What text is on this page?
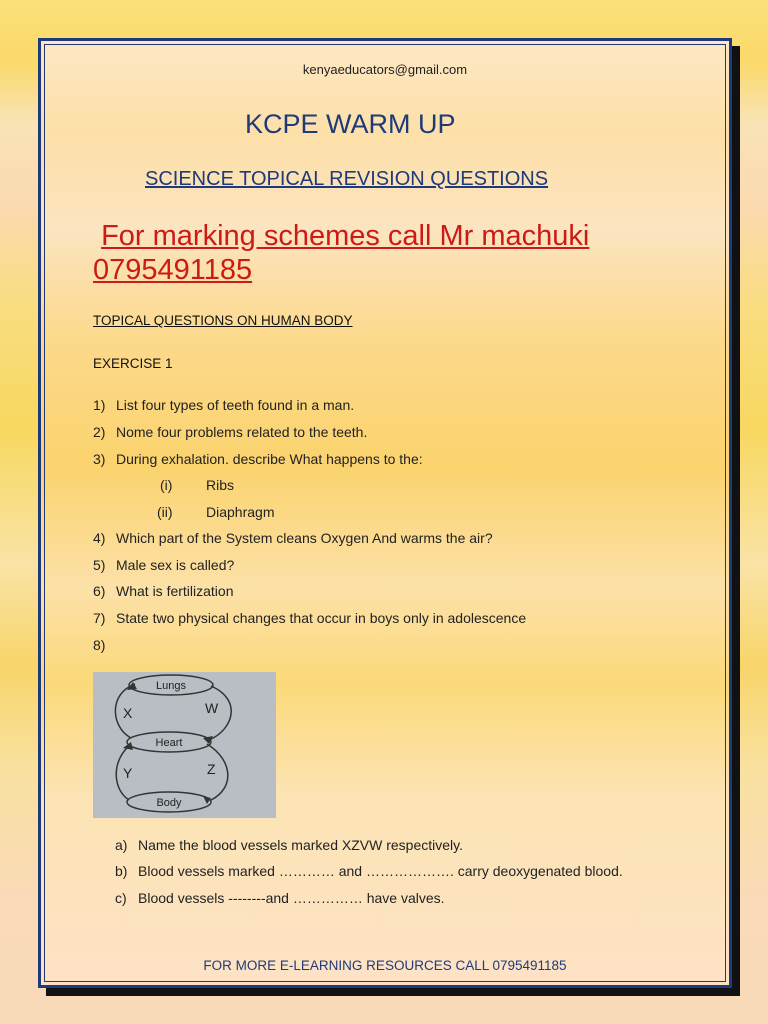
kenyaeducators@gmail.com
KCPE WARM UP
SCIENCE TOPICAL REVISION QUESTIONS
For marking schemes call Mr machuki
0795491185
TOPICAL QUESTIONS ON HUMAN BODY
EXERCISE 1
1) List four types of teeth found in a man.
2) Nome four problems related to the teeth.
3) During exhalation. describe What happens to the:
(i) Ribs
(ii) Diaphragm
4) Which part of the System cleans Oxygen And warms the air?
5) Male sex is called?
6) What is fertilization
7) State two physical changes that occur in boys only in adolescence
8)
Lungs
Heart
Body
X	W
Y	Z
a) Name the blood vessels marked XZVW respectively.
b) Blood vessels marked ………… and ………………. carry deoxygenated blood.
c) Blood vessels --------and …………… have valves.
FOR MORE E-LEARNING RESOURCES CALL 0795491185
